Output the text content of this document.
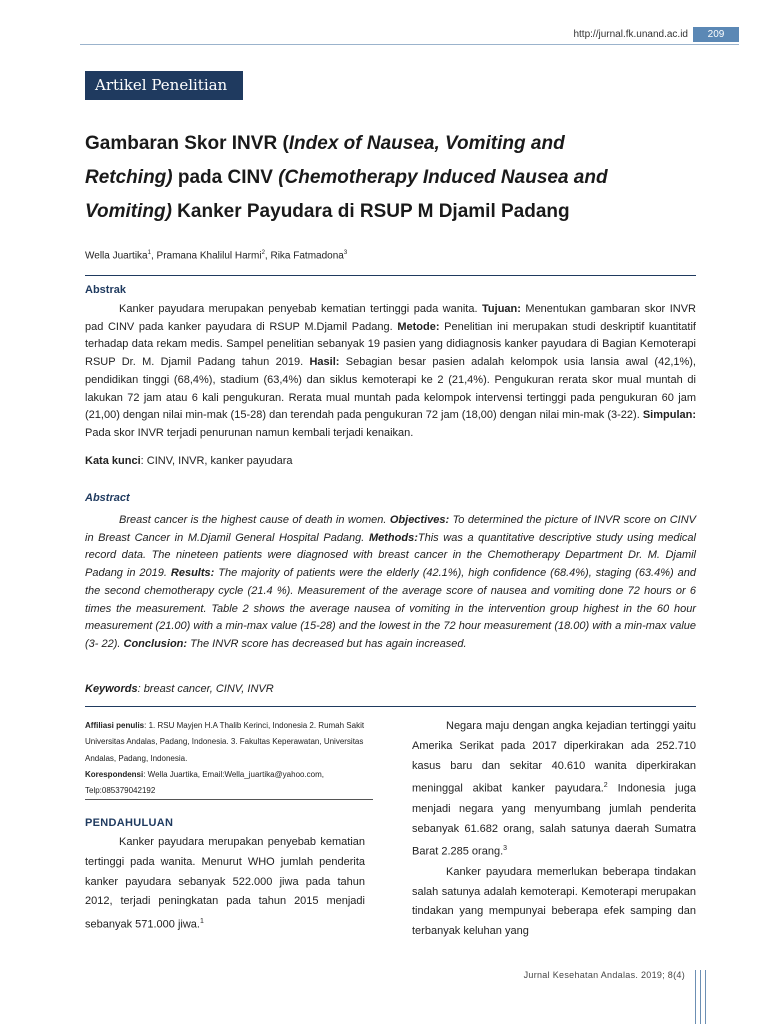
http://jurnal.fk.unand.ac.id	209
Artikel Penelitian
Gambaran Skor INVR (Index of Nausea, Vomiting and
Retching) pada CINV (Chemotherapy Induced Nausea and
Vomiting) Kanker Payudara di RSUP M Djamil Padang
Wella Juartika$^1$, Pramana Khalilul Harmi$^2$, Rika Fatmadona$^3$
Abstrak
Kanker payudara merupakan penyebab kematian tertinggi pada wanita. Tujuan: Menentukan gambaran skor INVR pad CINV pada kanker payudara di RSUP M.Djamil Padang. Metode: Penelitian ini merupakan studi deskriptif kuantitatif terhadap data rekam medis. Sampel penelitian sebanyak 19 pasien yang didiagnosis kanker payudara di Bagian Kemoterapi RSUP Dr. M. Djamil Padang tahun 2019. Hasil: Sebagian besar pasien adalah kelompok usia lansia awal (42,1%), pendidikan tinggi (68,4%), stadium (63,4%) dan siklus kemoterapi ke 2 (21,4%). Pengukuran rerata skor mual muntah di lakukan 72 jam atau 6 kali pengukuran. Rerata mual muntah pada kelompok intervensi tertinggi pada pengukuran 60 jam (21,00) dengan nilai min-mak (15-28) dan terendah pada pengukuran 72 jam (18,00) dengan nilai min-mak (3-22). Simpulan: Pada skor INVR terjadi penurunan namun kembali terjadi kenaikan.
Kata kunci: CINV, INVR, kanker payudara
Abstract
Breast cancer is the highest cause of death in women. Objectives: To determined the picture of INVR score on CINV in Breast Cancer in M.Djamil General Hospital Padang. Methods:This was a quantitative descriptive study using medical record data. The nineteen patients were diagnosed with breast cancer in the Chemotherapy Department Dr. M. Djamil Padang in 2019. Results: The majority of patients were the elderly (42.1%), high confidence (68.4%), staging (63.4%) and the second chemotherapy cycle (21.4 %). Measurement of the average score of nausea and vomiting done 72 hours or 6 times the measurement. Table 2 shows the average nausea of vomiting in the intervention group highest in the 60 hour measurement (21.00) with a min-max value (15-28) and the lowest in the 72 hour measurement (18.00) with a min-max value (3- 22). Conclusion: The INVR score has decreased but has again increased.
Keywords: breast cancer, CINV, INVR
Affiliasi penulis: 1. RSU Mayjen H.A Thalib Kerinci, Indonesia 2. Rumah Sakit Universitas Andalas, Padang, Indonesia. 3. Fakultas Keperawatan, Universitas Andalas, Padang, Indonesia.
Korespondensi: Wella Juartika, Email:Wella_juartika@yahoo.com, Telp:085379042192
PENDAHULUAN

Kanker payudara merupakan penyebab kematian tertinggi pada wanita. Menurut WHO jumlah penderita kanker payudara sebanyak 522.000 jiwa pada tahun 2012, terjadi peningkatan pada tahun 2015 menjadi sebanyak 571.000 jiwa.$^1$

Negara maju dengan angka kejadian tertinggi yaitu Amerika Serikat pada 2017 diperkirakan ada 252.710 kasus baru dan sekitar 40.610 wanita diperkirakan meninggal akibat kanker payudara.$^2$ Indonesia juga menjadi negara yang menyumbang jumlah penderita sebanyak 61.682 orang, salah satunya daerah Sumatra Barat 2.285 orang.$^3$

Kanker payudara memerlukan beberapa tindakan salah satunya adalah kemoterapi. Kemoterapi merupakan tindakan yang mempunyai beberapa efek samping dan terbanyak keluhan yang

Jurnal Kesehatan Andalas. 2019; 8(4)
